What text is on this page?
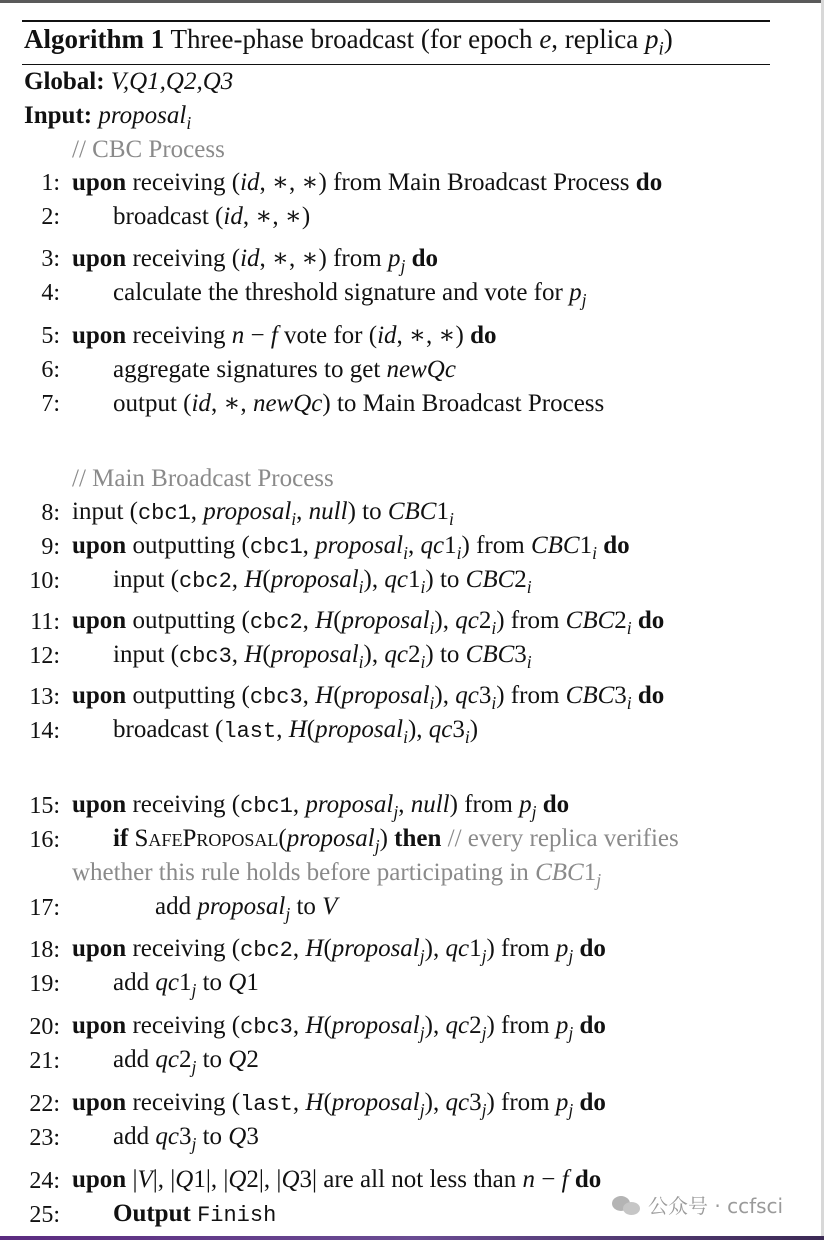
Algorithm 1 Three-phase broadcast (for epoch e, replica $p_i$)
Global: V,Q1,Q2,Q3
Input: proposal$_i$
// CBC Process
1: upon receiving (id, ∗, ∗) from Main Broadcast Process do
2: broadcast (id, ∗, ∗)
3: upon receiving (id, ∗, ∗) from $p_j$ do
4: calculate the threshold signature and vote for $p_j$
5: upon receiving n − f vote for (id, ∗, ∗) do
6: aggregate signatures to get newQc
7: output (id, ∗, newQc) to Main Broadcast Process
// Main Broadcast Process
8: input (cbc1, proposal$_i$, null) to $CBC1_i$
9: upon outputting (cbc1, proposal$_i$, $qc1_i$) from $CBC1_i$ do
10: input (cbc2, H(proposal$_i$), $qc1_i$) to $CBC2_i$
11: upon outputting (cbc2, H(proposal$_i$), $qc2_i$) from $CBC2_i$ do
12: input (cbc3, H(proposal$_i$), $qc2_i$) to $CBC3_i$
13: upon outputting (cbc3, H(proposal$_i$), $qc3_i$) from $CBC3_i$ do
14: broadcast (last, H(proposal$_i$), $qc3_i$)
15: upon receiving (cbc1, proposal$_j$, null) from $p_j$ do
16: if SafeProposal(proposal$_j$) then // every replica verifies
whether this rule holds before participating in $CBC1_j$
17:	add proposal$_j$ to V
18: upon receiving (cbc2, H(proposal$_j$), $qc1_j$) from $p_j$ do
19: add $qc1_j$ to Q1
20: upon receiving (cbc3, H(proposal$_j$), $qc2_j$) from $p_j$ do
21: add $qc2_j$ to Q2
22: upon receiving (last, H(proposal$_j$), $qc3_j$) from $p_j$ do
23: add $qc3_j$ to Q3
24: upon |V|, |Q1|, |Q2|, |Q3| are all not less than n − f do
25: Output Finish	公众号 · ccfsci
